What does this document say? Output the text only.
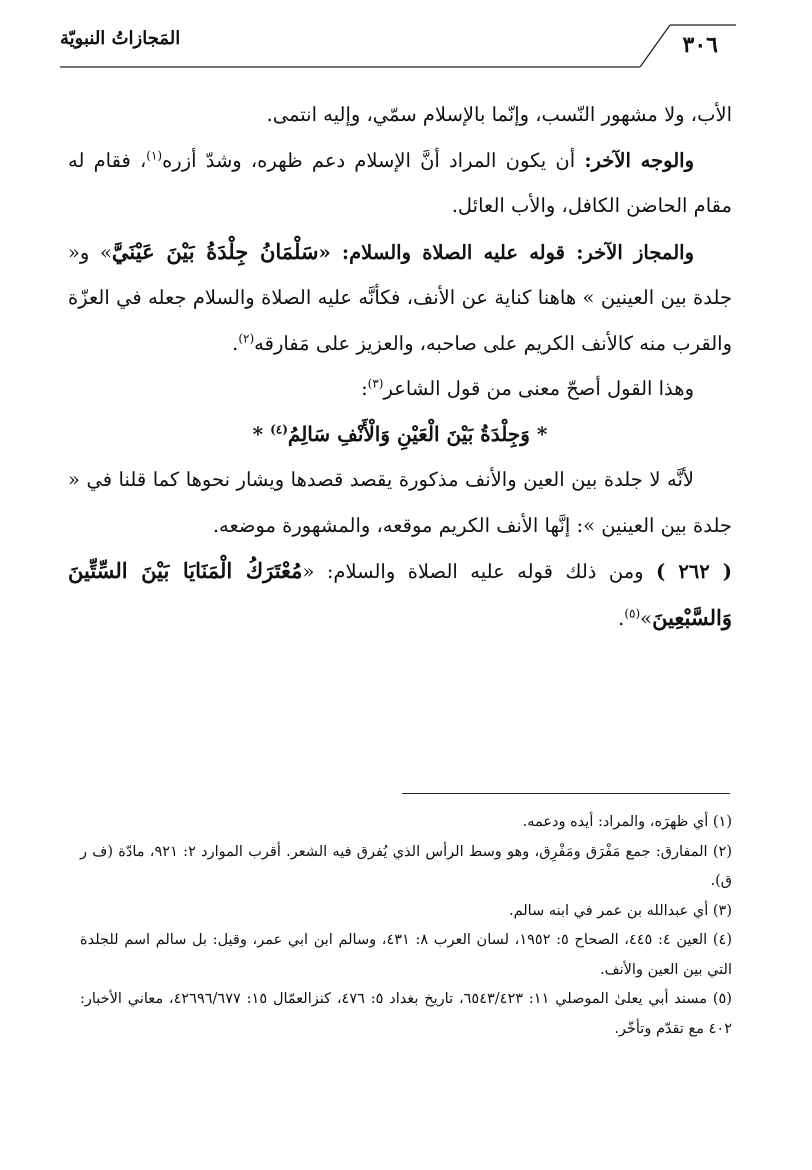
٣٠٦
المَجازاتُ النبويّة

الأب، ولا مشهور النّسب، وإنّما بالإسلام سمّي، وإليه انتمى.

والوجه الآخر: أن يكون المراد أنَّ الإسلام دعم ظهره، وشدّ أزره$^{(١)}$، فقام له مقام الحاضن الكافل، والأب العائل.

والمجاز الآخر: قوله عليه الصلاة والسلام: «سَلْمَانُ جِلْدَةُ بَيْنَ عَيْنَيَّ» و« جلدة بين العينين » هاهنا كناية عن الأنف، فكأنَّه عليه الصلاة والسلام جعله في العزّة والقرب منه كالأنف الكريم على صاحبه، والعزيز على مَفارقه$^{(٢)}$.

وهذا القول أصحّ معنى من قول الشاعر$^{(٣)}$:

* وَجِلْدَةُ بَيْنَ الْعَيْنِ وَالْأَنْفِ سَالِمُ$^{(٤)}$ *

لأنَّه لا جلدة بين العين والأنف مذكورة يقصد قصدها ويشار نحوها كما قلنا في « جلدة بين العينين »: إنَّها الأنف الكريم موقعه، والمشهورة موضعه.

( ٢٦٢ ) ومن ذلك قوله عليه الصلاة والسلام: «مُعْتَرَكُ الْمَنَايَا بَيْنَ السِّتِّينَ وَالسَّبْعِينَ»$^{(٥)}$.

(١) أي ظهرَه، والمراد: أيده ودعمه.

(٢) المفارق: جمع مَفْرَق ومَفْرِق، وهو وسط الرأس الذي يُفرق فيه الشعر. أقرب الموارد ٢: ٩٢١، مادّة (ف ر ق).

(٣) أي عبدالله بن عمر في ابنه سالم.

(٤) العين ٤: ٤٤٥، الصحاح ٥: ١٩٥٢، لسان العرب ٨: ٤٣١، وسالم ابن ابي عمر، وقيل: بل سالم اسم للجلدة التي بين العين والأنف.

(٥) مسند أبي يعلىٰ الموصلي ١١: ٦٥٤٣/٤٢٣، تاريخ بغداد ٥: ٤٧٦، كنزالعمّال ١٥: ٤٢٦٩٦/٦٧٧، معاني الأخبار: ٤٠٢ مع تقدّم وتأخّر.
